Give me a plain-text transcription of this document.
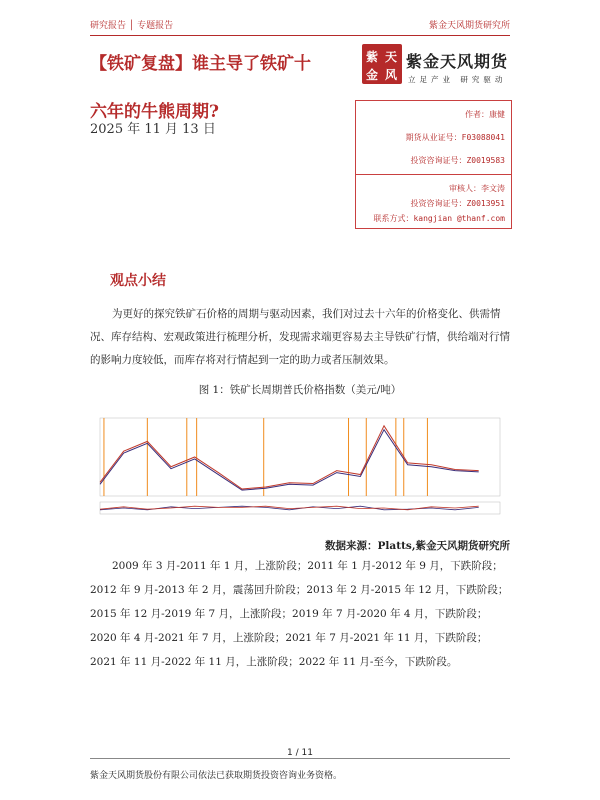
研究报告 │ 专题报告	紫金天风期货研究所
【铁矿复盘】谁主导了铁矿十
六年的牛熊周期?
2025 年 11 月 13 日
紫 天
金 风
紫金天风期货
立足产业 研究驱动
作者：康健
期货从业证号：F03088041
投资咨询证号：Z0019583
审核人：李文涛
投资咨询证号：Z0013951
联系方式：kangjian @thanf.com
观点小结
为更好的探究铁矿石价格的周期与驱动因素，我们对过去十六年的价格变化、供需情况、库存结构、宏观政策进行梳理分析，发现需求端更容易去主导铁矿行情，供给端对行情的影响力度较低，而库存将对行情起到一定的助力或者压制效果。
图 1：铁矿长周期普氏价格指数（美元/吨）
数据来源：Platts,紫金天风期货研究所
2009 年 3 月-2011 年 1 月，上涨阶段；2011 年 1 月-2012 年 9 月，下跌阶段；2012 年 9 月-2013 年 2 月，震荡回升阶段；2013 年 2 月-2015 年 12 月，下跌阶段；2015 年 12 月-2019 年 7 月，上涨阶段；2019 年 7 月-2020 年 4 月，下跌阶段；2020 年 4 月-2021 年 7 月，上涨阶段；2021 年 7 月-2021 年 11 月，下跌阶段；2021 年 11 月-2022 年 11 月，上涨阶段；2022 年 11 月-至今，下跌阶段。
1 / 11
紫金天风期货股份有限公司依法已获取期货投资咨询业务资格。
